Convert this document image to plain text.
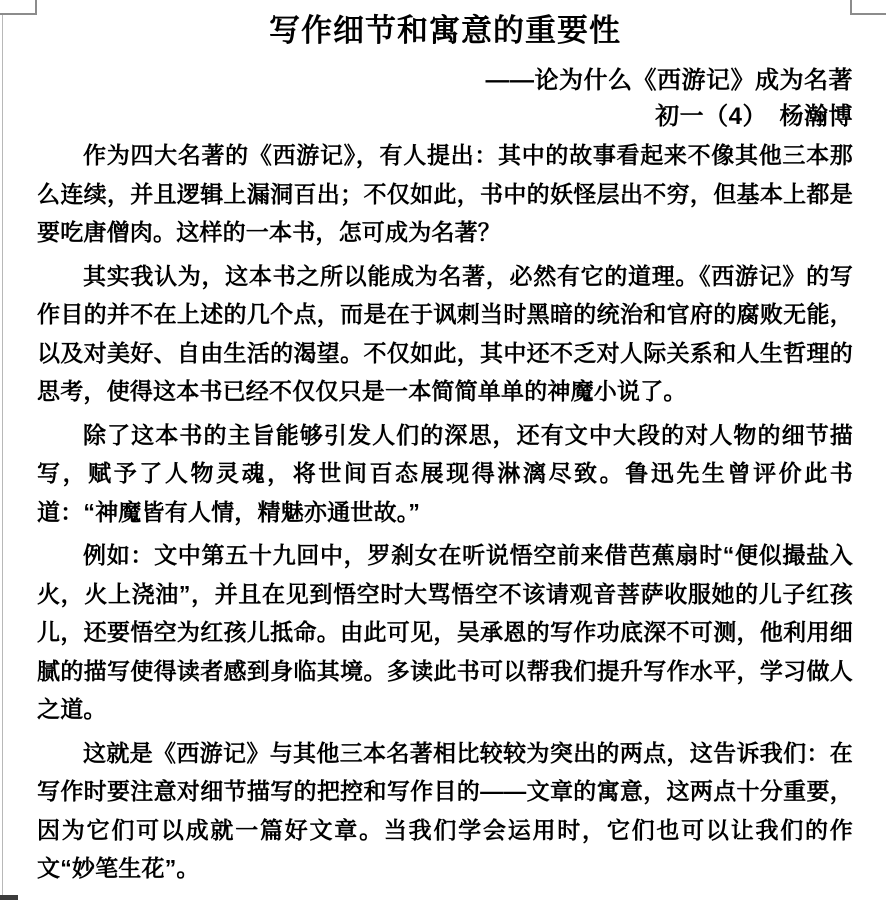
写作细节和寓意的重要性
——论为什么《西游记》成为名著
初一（4）　杨瀚博

作为四大名著的《西游记》，有人提出：其中的故事看起来不像其他三本那么连续，并且逻辑上漏洞百出；不仅如此，书中的妖怪层出不穷，但基本上都是要吃唐僧肉。这样的一本书，怎可成为名著？

其实我认为，这本书之所以能成为名著，必然有它的道理。《西游记》的写作目的并不在上述的几个点，而是在于讽刺当时黑暗的统治和官府的腐败无能，以及对美好、自由生活的渴望。不仅如此，其中还不乏对人际关系和人生哲理的思考，使得这本书已经不仅仅只是一本简简单单的神魔小说了。

除了这本书的主旨能够引发人们的深思，还有文中大段的对人物的细节描写，赋予了人物灵魂，将世间百态展现得淋漓尽致。鲁迅先生曾评价此书道：“神魔皆有人情，精魅亦通世故。”

例如：文中第五十九回中，罗刹女在听说悟空前来借芭蕉扇时“便似撮盐入火，火上浇油”，并且在见到悟空时大骂悟空不该请观音菩萨收服她的儿子红孩儿，还要悟空为红孩儿抵命。由此可见，吴承恩的写作功底深不可测，他利用细腻的描写使得读者感到身临其境。多读此书可以帮我们提升写作水平，学习做人之道。

这就是《西游记》与其他三本名著相比较较为突出的两点，这告诉我们：在写作时要注意对细节描写的把控和写作目的——文章的寓意，这两点十分重要，因为它们可以成就一篇好文章。当我们学会运用时，它们也可以让我们的作文“妙笔生花”。
